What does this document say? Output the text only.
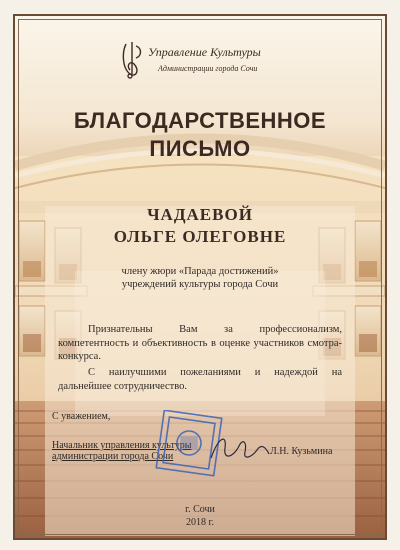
Управление Культуры
Администрации города Сочи
БЛАГОДАРСТВЕННОЕ
ПИСЬМО
ЧАДАЕВОЙ
ОЛЬГЕ ОЛЕГОВНЕ
члену жюри «Парада достижений»
учреждений культуры города Сочи
Признательны Вам за профессионализм, компетентность и объективность в оценке участников смотра-конкурса.
С наилучшими пожеланиями и надеждой на дальнейшее сотрудничество.
С уважением,
Начальник управления культуры
администрации города Сочи	Л.Н. Кузьмина
г. Сочи
2018 г.
